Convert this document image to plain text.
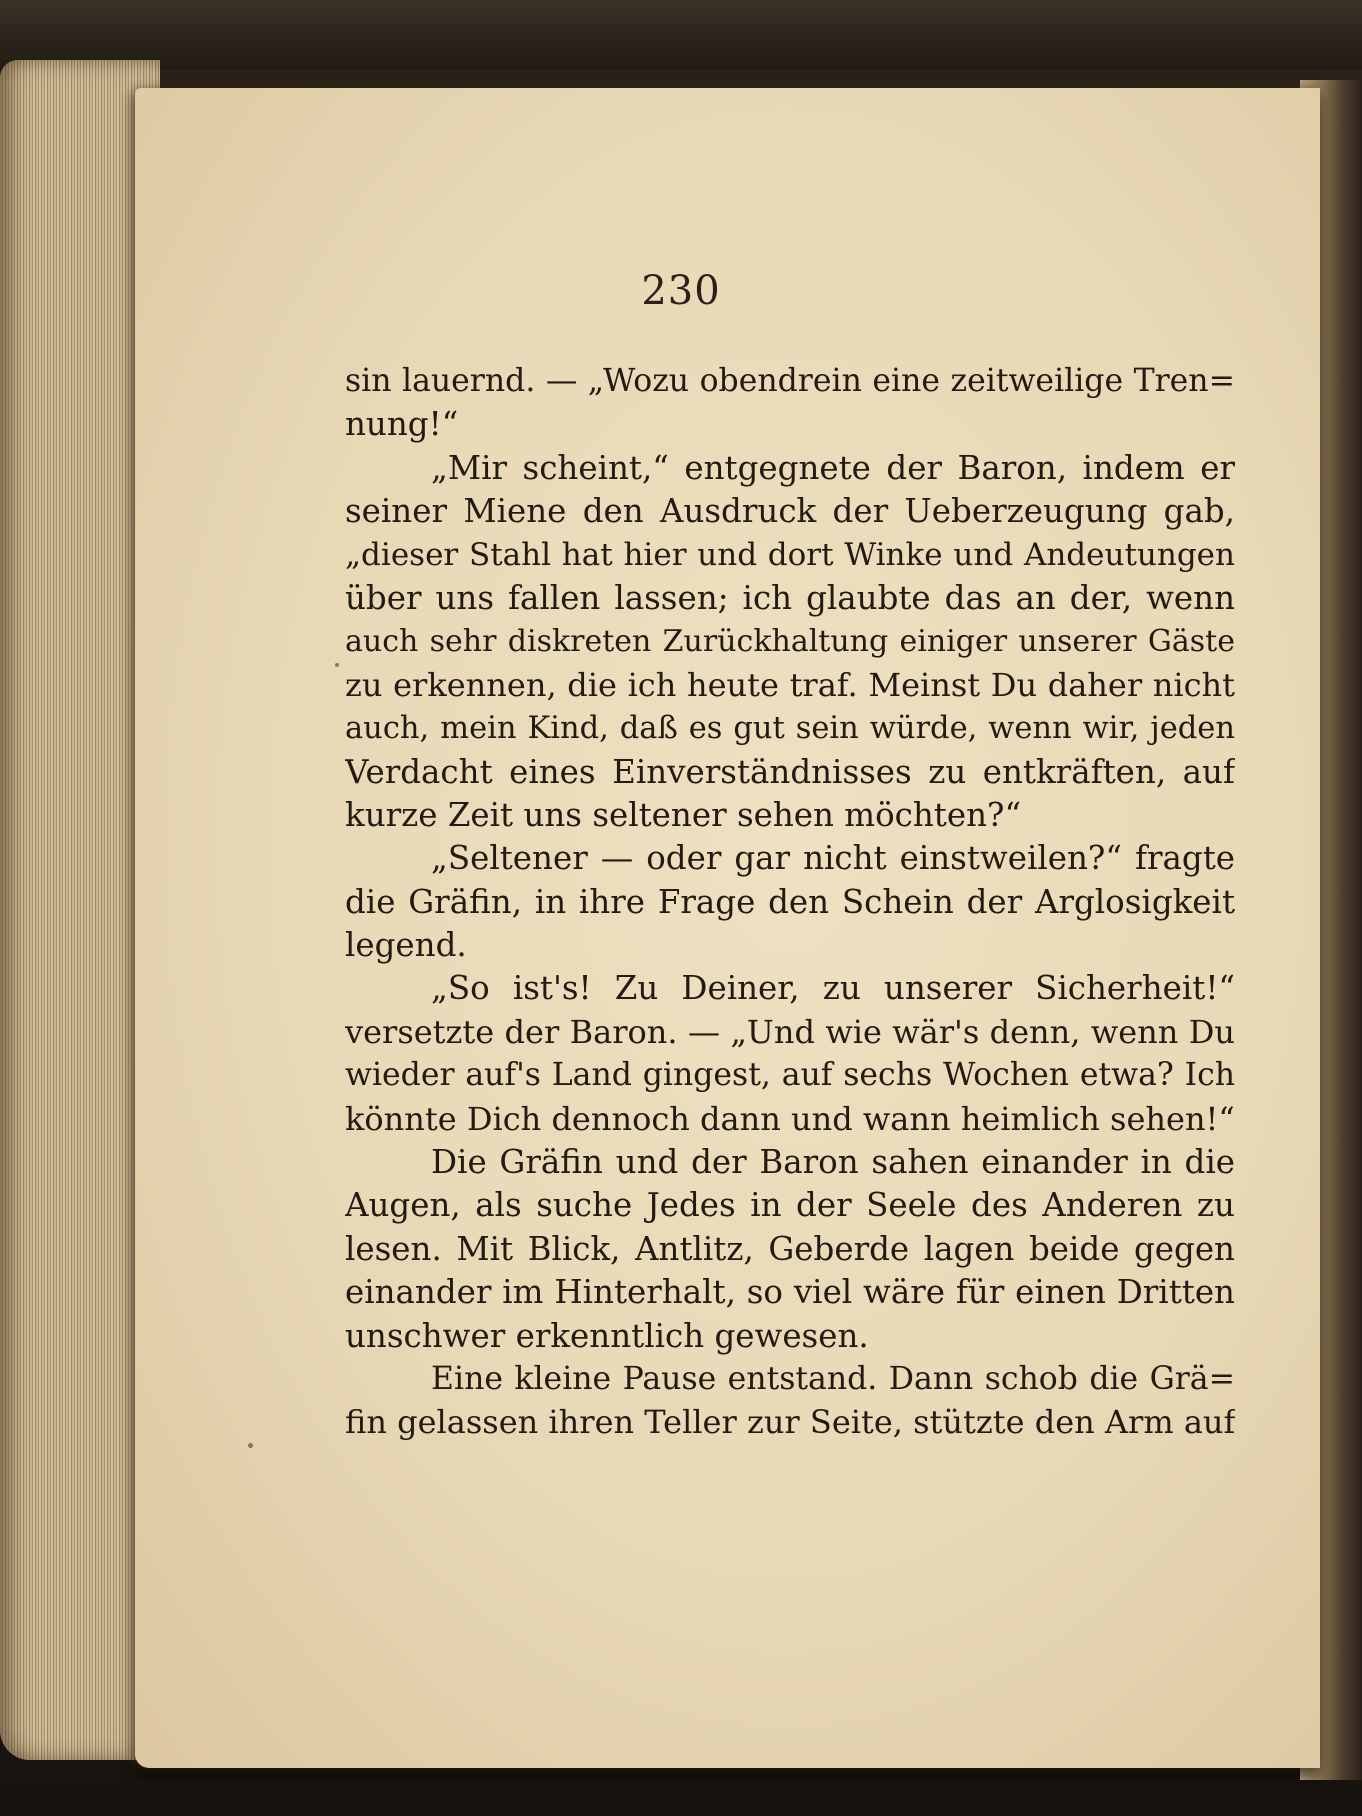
230
sin lauernd. — „Wozu obendrein eine zeitweilige Tren=
nung!“
„Mir scheint,“ entgegnete der Baron, indem er
seiner Miene den Ausdruck der Ueberzeugung gab,
„dieser Stahl hat hier und dort Winke und Andeutungen
über uns fallen lassen; ich glaubte das an der, wenn
auch sehr diskreten Zurückhaltung einiger unserer Gäste
zu erkennen, die ich heute traf. Meinst Du daher nicht
auch, mein Kind, daß es gut sein würde, wenn wir, jeden
Verdacht eines Einverständnisses zu entkräften, auf
kurze Zeit uns seltener sehen möchten?“
„Seltener — oder gar nicht einstweilen?“ fragte
die Gräfin, in ihre Frage den Schein der Arglosigkeit
legend.
„So ist's! Zu Deiner, zu unserer Sicherheit!“
versetzte der Baron. — „Und wie wär's denn, wenn Du
wieder auf's Land gingest, auf sechs Wochen etwa? Ich
könnte Dich dennoch dann und wann heimlich sehen!“
Die Gräfin und der Baron sahen einander in die
Augen, als suche Jedes in der Seele des Anderen zu
lesen. Mit Blick, Antlitz, Geberde lagen beide gegen
einander im Hinterhalt, so viel wäre für einen Dritten
unschwer erkenntlich gewesen.
Eine kleine Pause entstand. Dann schob die Grä=
fin gelassen ihren Teller zur Seite, stützte den Arm auf
